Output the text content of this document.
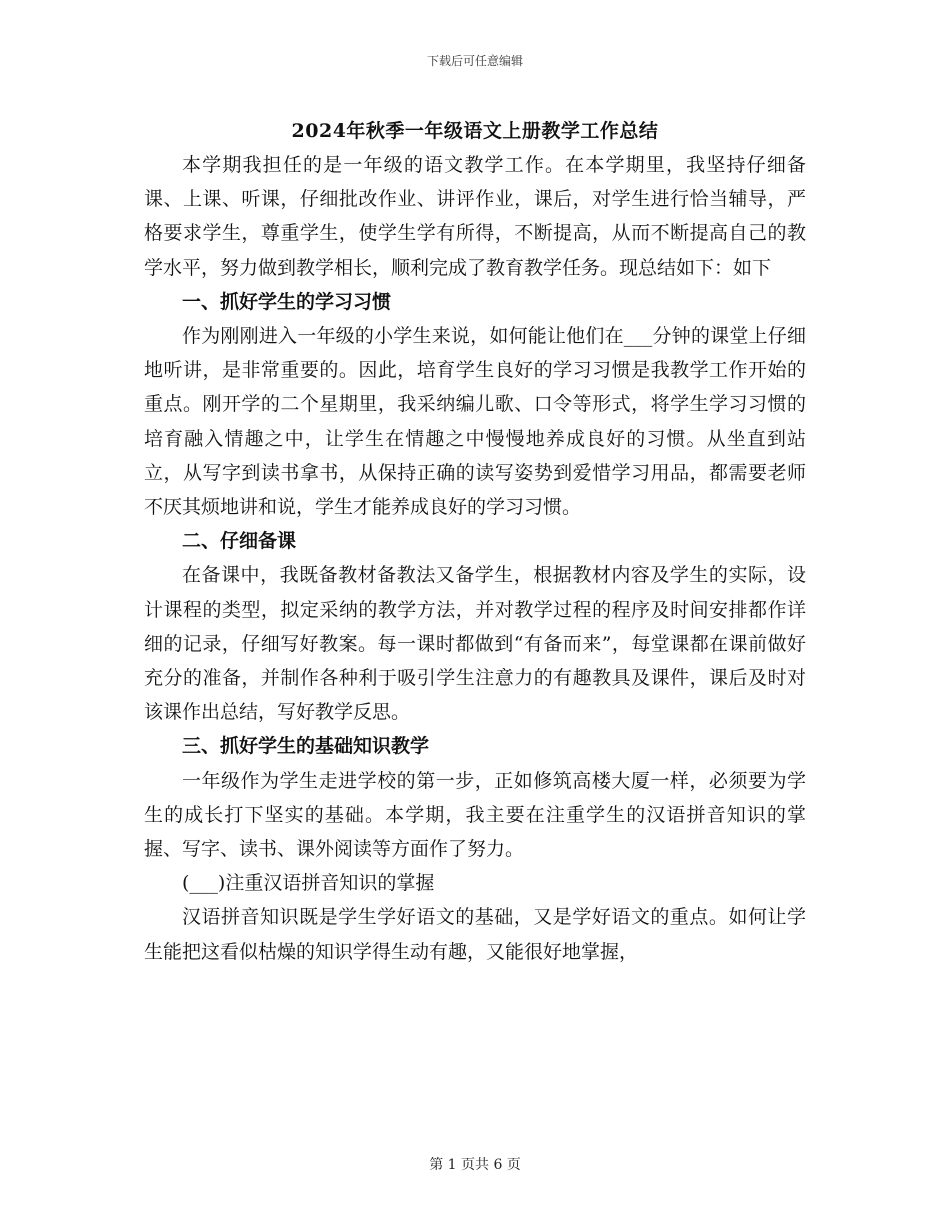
下载后可任意编辑
2024年秋季一年级语文上册教学工作总结

本学期我担任的是一年级的语文教学工作。在本学期里，我坚持仔细备课、上课、听课，仔细批改作业、讲评作业，课后，对学生进行恰当辅导，严格要求学生，尊重学生，使学生学有所得，不断提高，从而不断提高自己的教学水平，努力做到教学相长，顺利完成了教育教学任务。现总结如下：如下

一、抓好学生的学习习惯

作为刚刚进入一年级的小学生来说，如何能让他们在___分钟的课堂上仔细地听讲，是非常重要的。因此，培育学生良好的学习习惯是我教学工作开始的重点。刚开学的二个星期里，我采纳编儿歌、口令等形式，将学生学习习惯的培育融入情趣之中，让学生在情趣之中慢慢地养成良好的习惯。从坐直到站立，从写字到读书拿书，从保持正确的读写姿势到爱惜学习用品，都需要老师不厌其烦地讲和说，学生才能养成良好的学习习惯。

二、仔细备课

在备课中，我既备教材备教法又备学生，根据教材内容及学生的实际，设计课程的类型，拟定采纳的教学方法，并对教学过程的程序及时间安排都作详细的记录，仔细写好教案。每一课时都做到“有备而来”，每堂课都在课前做好充分的准备，并制作各种利于吸引学生注意力的有趣教具及课件，课后及时对该课作出总结，写好教学反思。

三、抓好学生的基础知识教学

一年级作为学生走进学校的第一步，正如修筑高楼大厦一样，必须要为学生的成长打下坚实的基础。本学期，我主要在注重学生的汉语拼音知识的掌握、写字、读书、课外阅读等方面作了努力。

(___)注重汉语拼音知识的掌握

汉语拼音知识既是学生学好语文的基础，又是学好语文的重点。如何让学生能把这看似枯燥的知识学得生动有趣，又能很好地掌握，

第 1 页共 6 页
